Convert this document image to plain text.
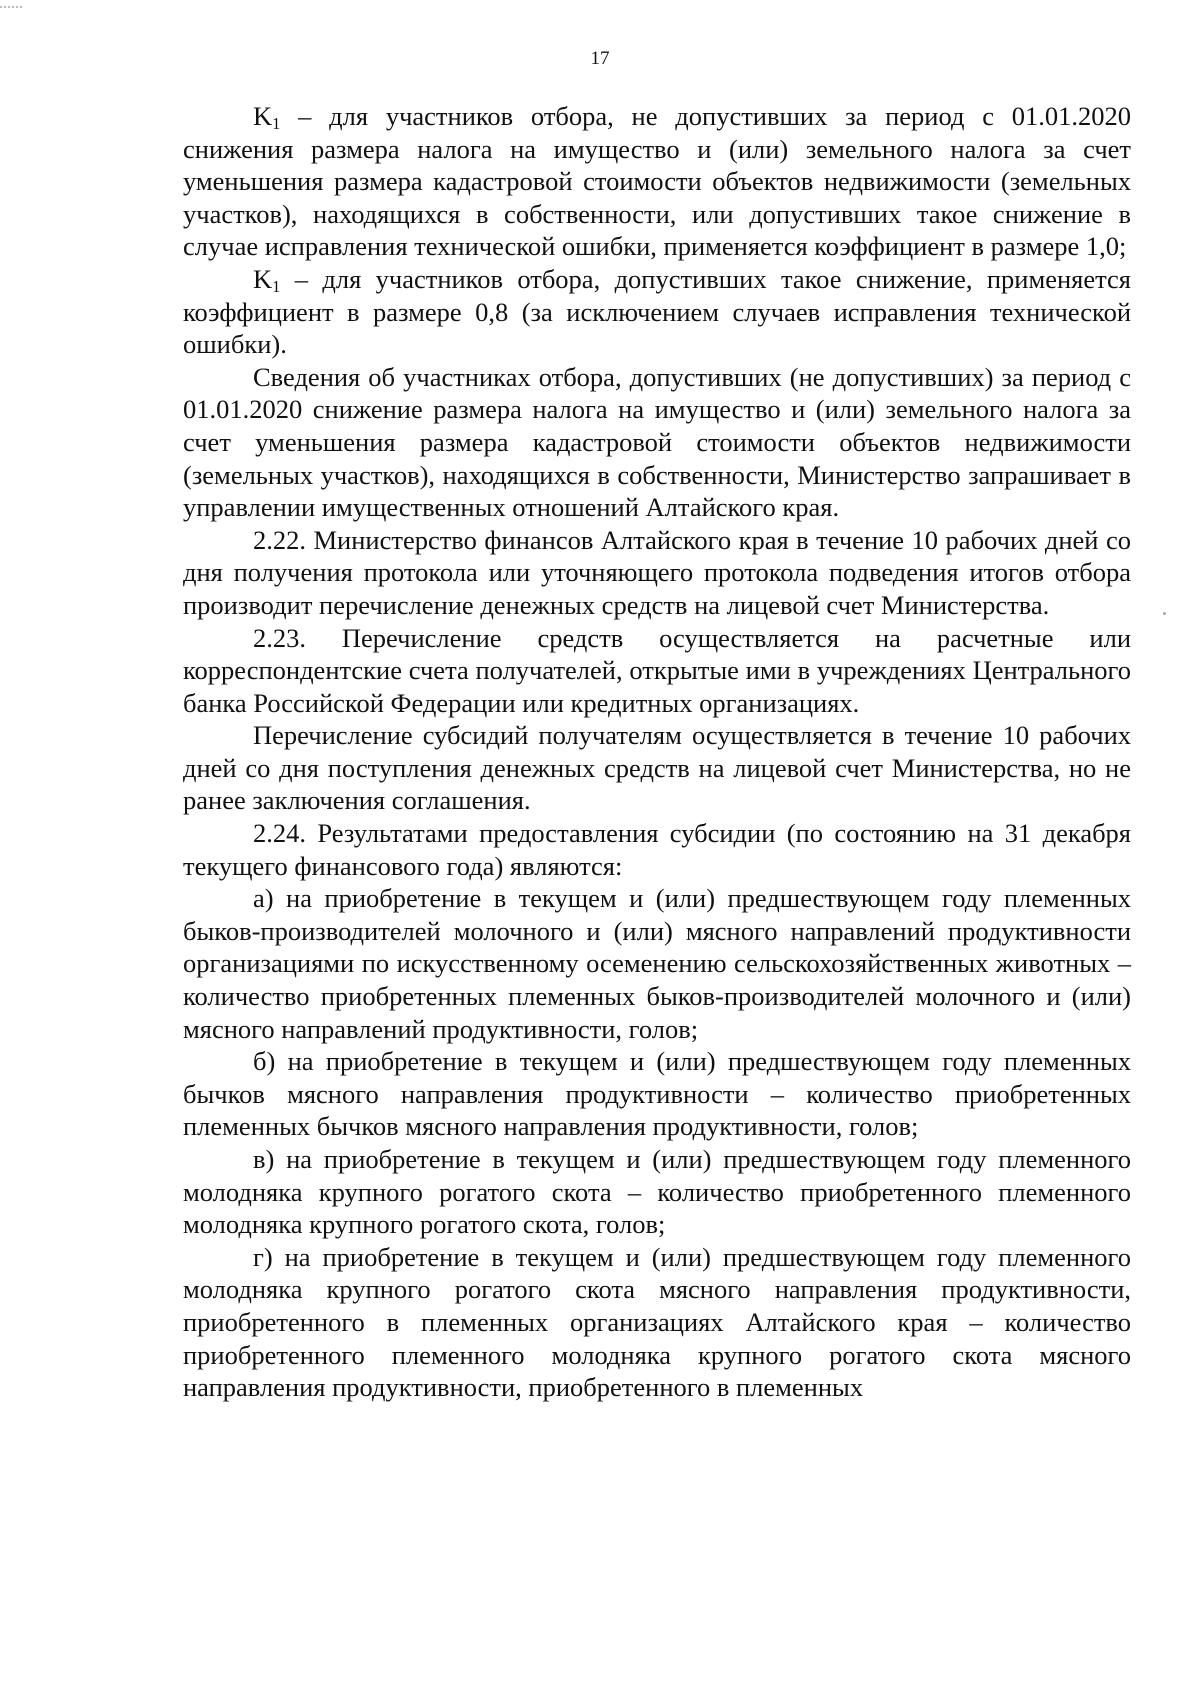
17

$K_1$ – для участников отбора, не допустивших за период с 01.01.2020 снижения размера налога на имущество и (или) земельного налога за счет уменьшения размера кадастровой стоимости объектов недвижимости (земельных участков), находящихся в собственности, или допустивших такое снижение в случае исправления технической ошибки, применяется коэффициент в размере 1,0;

$K_1$ – для участников отбора, допустивших такое снижение, применяется коэффициент в размере 0,8 (за исключением случаев исправления технической ошибки).

Сведения об участниках отбора, допустивших (не допустивших) за период с 01.01.2020 снижение размера налога на имущество и (или) земельного налога за счет уменьшения размера кадастровой стоимости объектов недвижимости (земельных участков), находящихся в собственности, Министерство запрашивает в управлении имущественных отношений Алтайского края.

2.22. Министерство финансов Алтайского края в течение 10 рабочих дней со дня получения протокола или уточняющего протокола подведения итогов отбора производит перечисление денежных средств на лицевой счет Министерства.

2.23. Перечисление средств осуществляется на расчетные или корреспондентские счета получателей, открытые ими в учреждениях Центрального банка Российской Федерации или кредитных организациях.

Перечисление субсидий получателям осуществляется в течение 10 рабочих дней со дня поступления денежных средств на лицевой счет Министерства, но не ранее заключения соглашения.

2.24. Результатами предоставления субсидии (по состоянию на 31 декабря текущего финансового года) являются:

а) на приобретение в текущем и (или) предшествующем году племенных быков-производителей молочного и (или) мясного направлений продуктивности организациями по искусственному осеменению сельскохозяйственных животных – количество приобретенных племенных быков-производителей молочного и (или) мясного направлений продуктивности, голов;

б) на приобретение в текущем и (или) предшествующем году племенных бычков мясного направления продуктивности – количество приобретенных племенных бычков мясного направления продуктивности, голов;

в) на приобретение в текущем и (или) предшествующем году племенного молодняка крупного рогатого скота – количество приобретенного племенного молодняка крупного рогатого скота, голов;

г) на приобретение в текущем и (или) предшествующем году племенного молодняка крупного рогатого скота мясного направления продуктивности, приобретенного в племенных организациях Алтайского края – количество приобретенного племенного молодняка крупного рогатого скота мясного направления продуктивности, приобретенного в племенных
